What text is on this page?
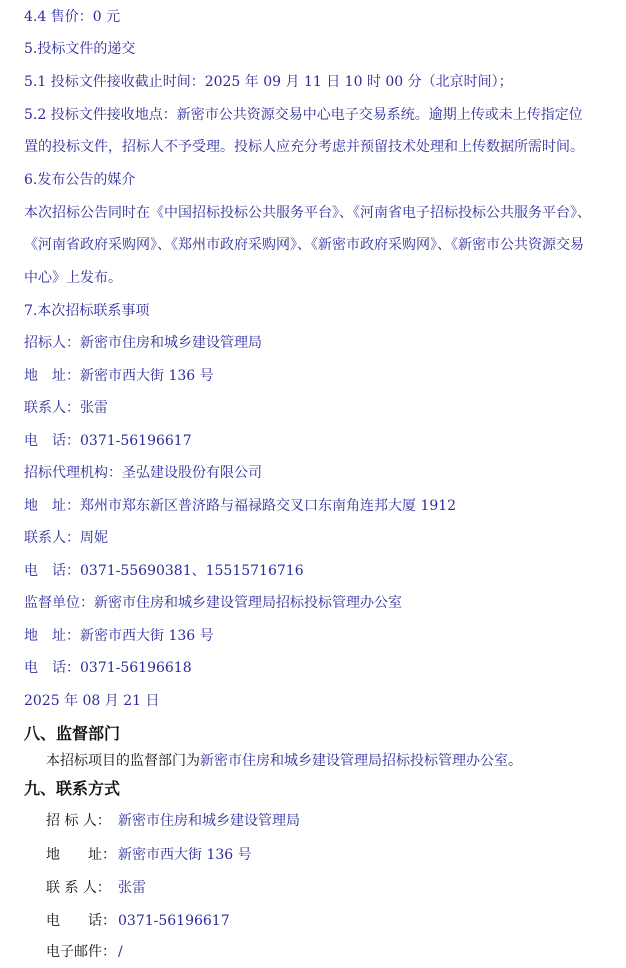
4.4 售价：0 元
5.投标文件的递交
5.1 投标文件接收截止时间：2025 年 09 月 11 日 10 时 00 分（北京时间）；
5.2 投标文件接收地点：新密市公共资源交易中心电子交易系统。逾期上传或未上传指定位
置的投标文件，招标人不予受理。投标人应充分考虑并预留技术处理和上传数据所需时间。
6.发布公告的媒介
本次招标公告同时在《中国招标投标公共服务平台》、《河南省电子招标投标公共服务平台》、
《河南省政府采购网》、《郑州市政府采购网》、《新密市政府采购网》、《新密市公共资源交易
中心》上发布。
7.本次招标联系事项
招标人：新密市住房和城乡建设管理局
地　址：新密市西大街 136 号
联系人：张雷
电　话：0371-56196617
招标代理机构：圣弘建设股份有限公司
地　址：郑州市郑东新区普济路与福禄路交叉口东南角连邦大厦 1912
联系人：周妮
电　话：0371-55690381、15515716716
监督单位：新密市住房和城乡建设管理局招标投标管理办公室
地　址：新密市西大街 136 号
电　话：0371-56196618
2025 年 08 月 21 日
八、监督部门
本招标项目的监督部门为新密市住房和城乡建设管理局招标投标管理办公室。
九、联系方式
招 标 人： 新密市住房和城乡建设管理局
地　　址： 新密市西大街 136 号
联 系 人： 张雷
电　　话： 0371-56196617
电子邮件： /
